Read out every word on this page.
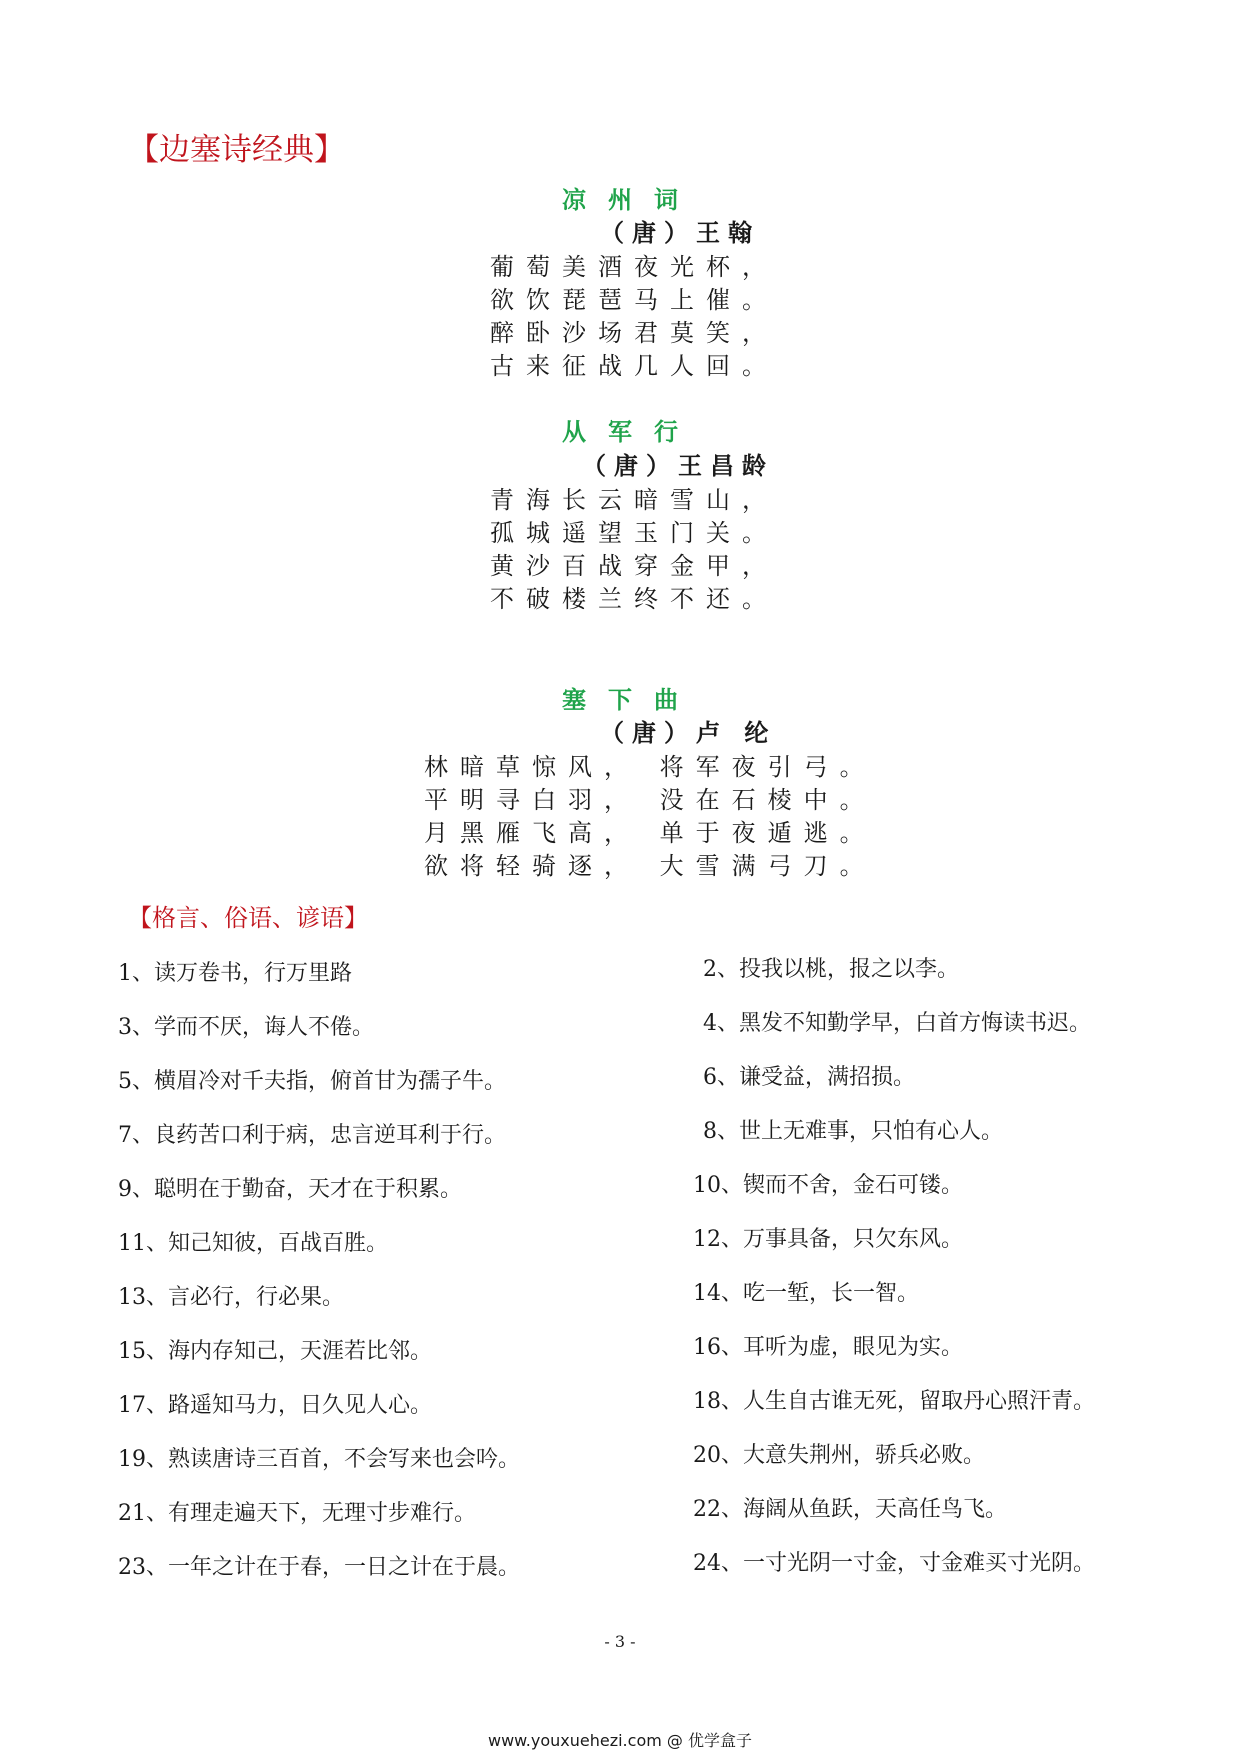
【边塞诗经典】
凉州词
（唐）王翰
葡萄美酒夜光杯，
欲饮琵琶马上催。
醉卧沙场君莫笑，
古来征战几人回。
从军行
（唐）王昌龄
青海长云暗雪山，
孤城遥望玉门关。
黄沙百战穿金甲，
不破楼兰终不还。
塞下曲
（唐）卢 纶
林暗草惊风， 将军夜引弓。
平明寻白羽， 没在石棱中。
月黑雁飞高， 单于夜遁逃。
欲将轻骑逐， 大雪满弓刀。
【格言、俗语、谚语】
1、读万卷书，行万里路	2、投我以桃，报之以李。
3、学而不厌，诲人不倦。	4、黑发不知勤学早，白首方悔读书迟。
5、横眉冷对千夫指，俯首甘为孺子牛。	6、谦受益，满招损。
7、良药苦口利于病，忠言逆耳利于行。	8、世上无难事，只怕有心人。
9、聪明在于勤奋，天才在于积累。	10、锲而不舍，金石可镂。
11、知己知彼，百战百胜。	12、万事具备，只欠东风。
13、言必行，行必果。	14、吃一堑，长一智。
15、海内存知己，天涯若比邻。	16、耳听为虚，眼见为实。
17、路遥知马力，日久见人心。	18、人生自古谁无死，留取丹心照汗青。
19、熟读唐诗三百首，不会写来也会吟。	20、大意失荆州，骄兵必败。
21、有理走遍天下，无理寸步难行。	22、海阔从鱼跃，天高任鸟飞。
23、一年之计在于春，一日之计在于晨。	24、一寸光阴一寸金，寸金难买寸光阴。
- 3 -
www.youxuehezi.com @ 优学盒子
